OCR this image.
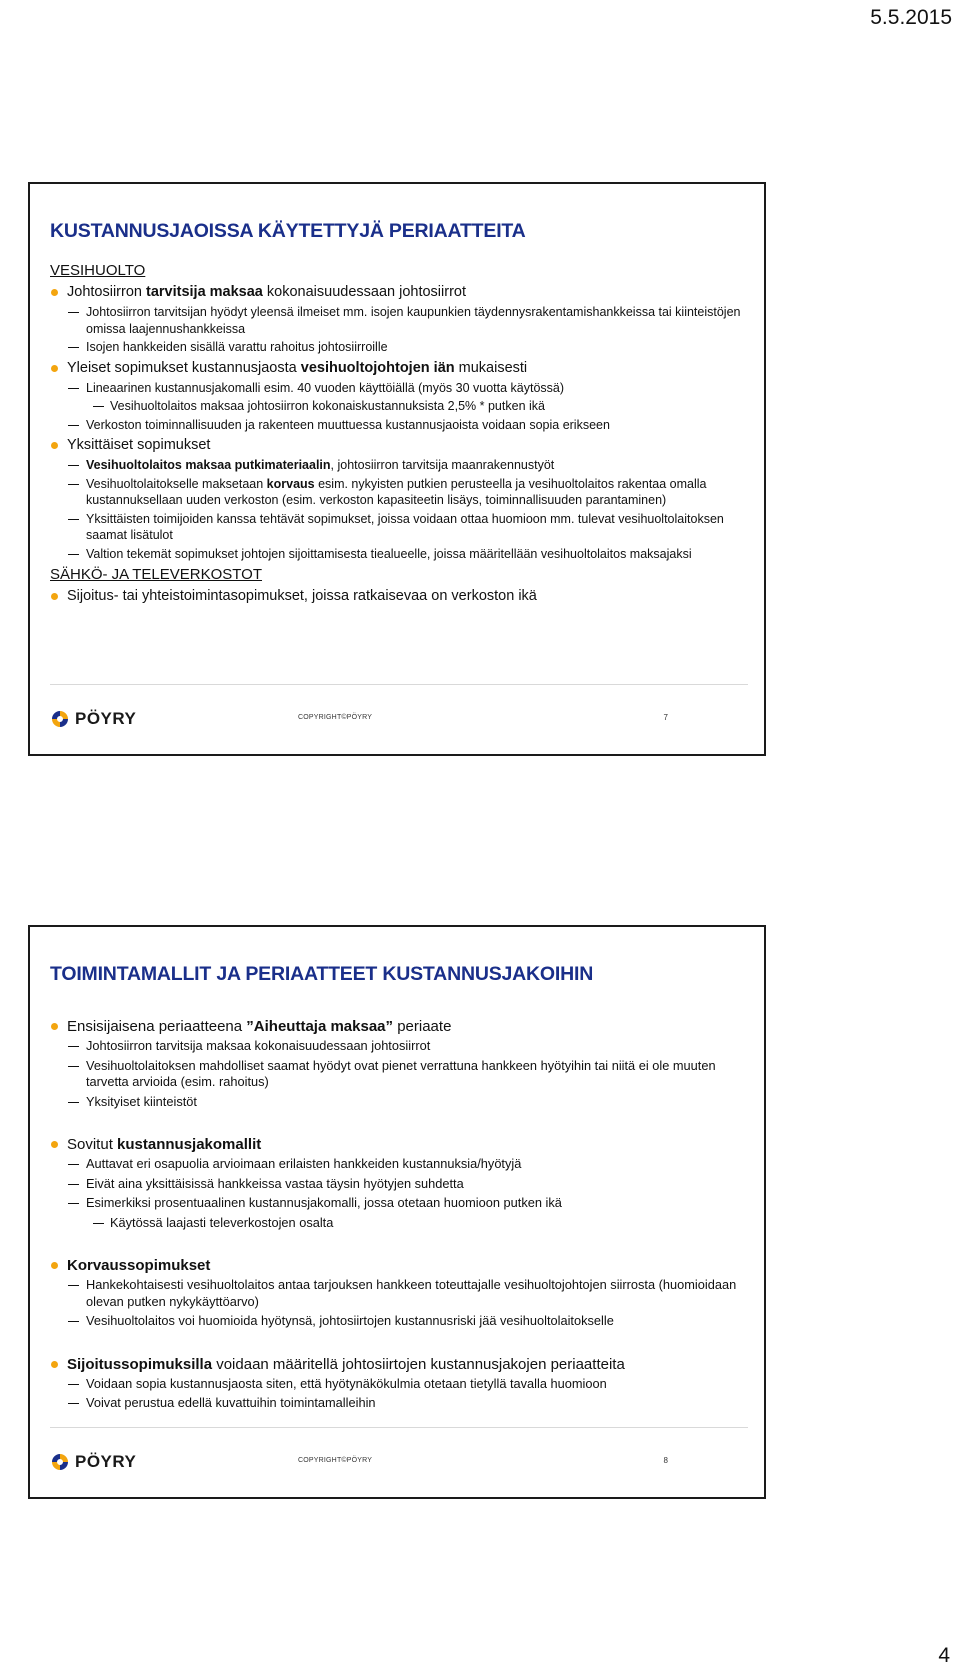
5.5.2015
KUSTANNUSJAOISSA KÄYTETTYJÄ PERIAATTEITA
VESIHUOLTO
Johtosiirron tarvitsija maksaa kokonaisuudessaan johtosiirrot
Johtosiirron tarvitsijan hyödyt yleensä ilmeiset mm. isojen kaupunkien täydennysrakentamishankkeissa tai kiinteistöjen omissa laajennushankkeissa
Isojen hankkeiden sisällä varattu rahoitus johtosiirroille
Yleiset sopimukset kustannusjaosta vesihuoltojohtojen iän mukaisesti
Lineaarinen kustannusjakomalli esim. 40 vuoden käyttöiällä (myös 30 vuotta käytössä)
Vesihuoltolaitos maksaa johtosiirron kokonaiskustannuksista 2,5% * putken ikä
Verkoston toiminnallisuuden ja rakenteen muuttuessa kustannusjaoista voidaan sopia erikseen
Yksittäiset sopimukset
Vesihuoltolaitos maksaa putkimateriaalin, johtosiirron tarvitsija maanrakennustyöt
Vesihuoltolaitokselle maksetaan korvaus esim. nykyisten putkien perusteella ja vesihuoltolaitos rakentaa omalla kustannuksellaan uuden verkoston (esim. verkoston kapasiteetin lisäys, toiminnallisuuden parantaminen)
Yksittäisten toimijoiden kanssa tehtävät sopimukset, joissa voidaan ottaa huomioon mm. tulevat vesihuoltolaitoksen saamat lisätulot
Valtion tekemät sopimukset johtojen sijoittamisesta tiealueelle, joissa määritellään vesihuoltolaitos maksajaksi
SÄHKÖ- JA TELEVERKOSTOT
Sijoitus- tai yhteistoimintasopimukset, joissa ratkaisevaa on verkoston ikä
PÖYRY	COPYRIGHT©PÖYRY	7
TOIMINTAMALLIT JA PERIAATTEET KUSTANNUSJAKOIHIN
Ensisijaisena periaatteena ”Aiheuttaja maksaa” periaate
Johtosiirron tarvitsija maksaa kokonaisuudessaan johtosiirrot
Vesihuoltolaitoksen mahdolliset saamat hyödyt ovat pienet verrattuna hankkeen hyötyihin tai niitä ei ole muuten tarvetta arvioida (esim. rahoitus)
Yksityiset kiinteistöt
Sovitut kustannusjakomallit
Auttavat eri osapuolia arvioimaan erilaisten hankkeiden kustannuksia/hyötyjä
Eivät aina yksittäisissä hankkeissa vastaa täysin hyötyjen suhdetta
Esimerkiksi prosentuaalinen kustannusjakomalli, jossa otetaan huomioon putken ikä
Käytössä laajasti televerkostojen osalta
Korvaussopimukset
Hankekohtaisesti vesihuoltolaitos antaa tarjouksen hankkeen toteuttajalle vesihuoltojohtojen siirrosta (huomioidaan olevan putken nykykäyttöarvo)
Vesihuoltolaitos voi huomioida hyötynsä, johtosiirtojen kustannusriski jää vesihuoltolaitokselle
Sijoitussopimuksilla voidaan määritellä johtosiirtojen kustannusjakojen periaatteita
Voidaan sopia kustannusjaosta siten, että hyötynäkökulmia otetaan tietyllä tavalla huomioon
Voivat perustua edellä kuvattuihin toimintamalleihin
PÖYRY	COPYRIGHT©PÖYRY	8
4
